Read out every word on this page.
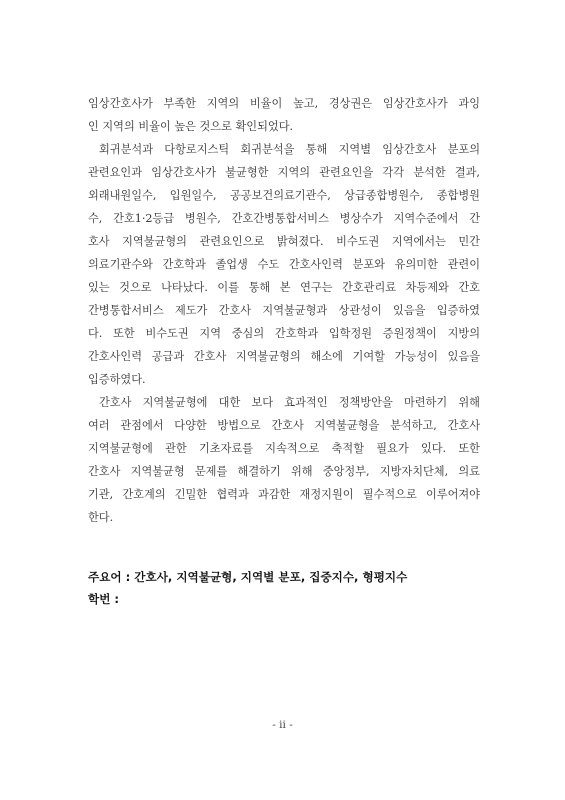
임상간호사가 부족한 지역의 비율이 높고, 경상권은 임상간호사가 과잉
인 지역의 비율이 높은 것으로 확인되었다.
회귀분석과 다항로지스틱 회귀분석을 통해 지역별 임상간호사 분포의
관련요인과 임상간호사가 불균형한 지역의 관련요인을 각각 분석한 결과,
외래내원일수, 입원일수, 공공보건의료기관수, 상급종합병원수, 종합병원
수, 간호1·2등급 병원수, 간호간병통합서비스 병상수가 지역수준에서 간
호사 지역불균형의 관련요인으로 밝혀졌다. 비수도권 지역에서는 민간
의료기관수와 간호학과 졸업생 수도 간호사인력 분포와 유의미한 관련이
있는 것으로 나타났다. 이를 통해 본 연구는 간호관리료 차등제와 간호
간병통합서비스 제도가 간호사 지역불균형과 상관성이 있음을 입증하였
다. 또한 비수도권 지역 중심의 간호학과 입학정원 증원정책이 지방의
간호사인력 공급과 간호사 지역불균형의 해소에 기여할 가능성이 있음을
입증하였다.
간호사 지역불균형에 대한 보다 효과적인 정책방안을 마련하기 위해
여러 관점에서 다양한 방법으로 간호사 지역불균형을 분석하고, 간호사
지역불균형에 관한 기초자료를 지속적으로 축적할 필요가 있다. 또한
간호사 지역불균형 문제를 해결하기 위해 중앙정부, 지방자치단체, 의료
기관, 간호계의 긴밀한 협력과 과감한 재정지원이 필수적으로 이루어져야
한다.
주요어 : 간호사, 지역불균형, 지역별 분포, 집중지수, 형평지수
학번 :
- ii -
